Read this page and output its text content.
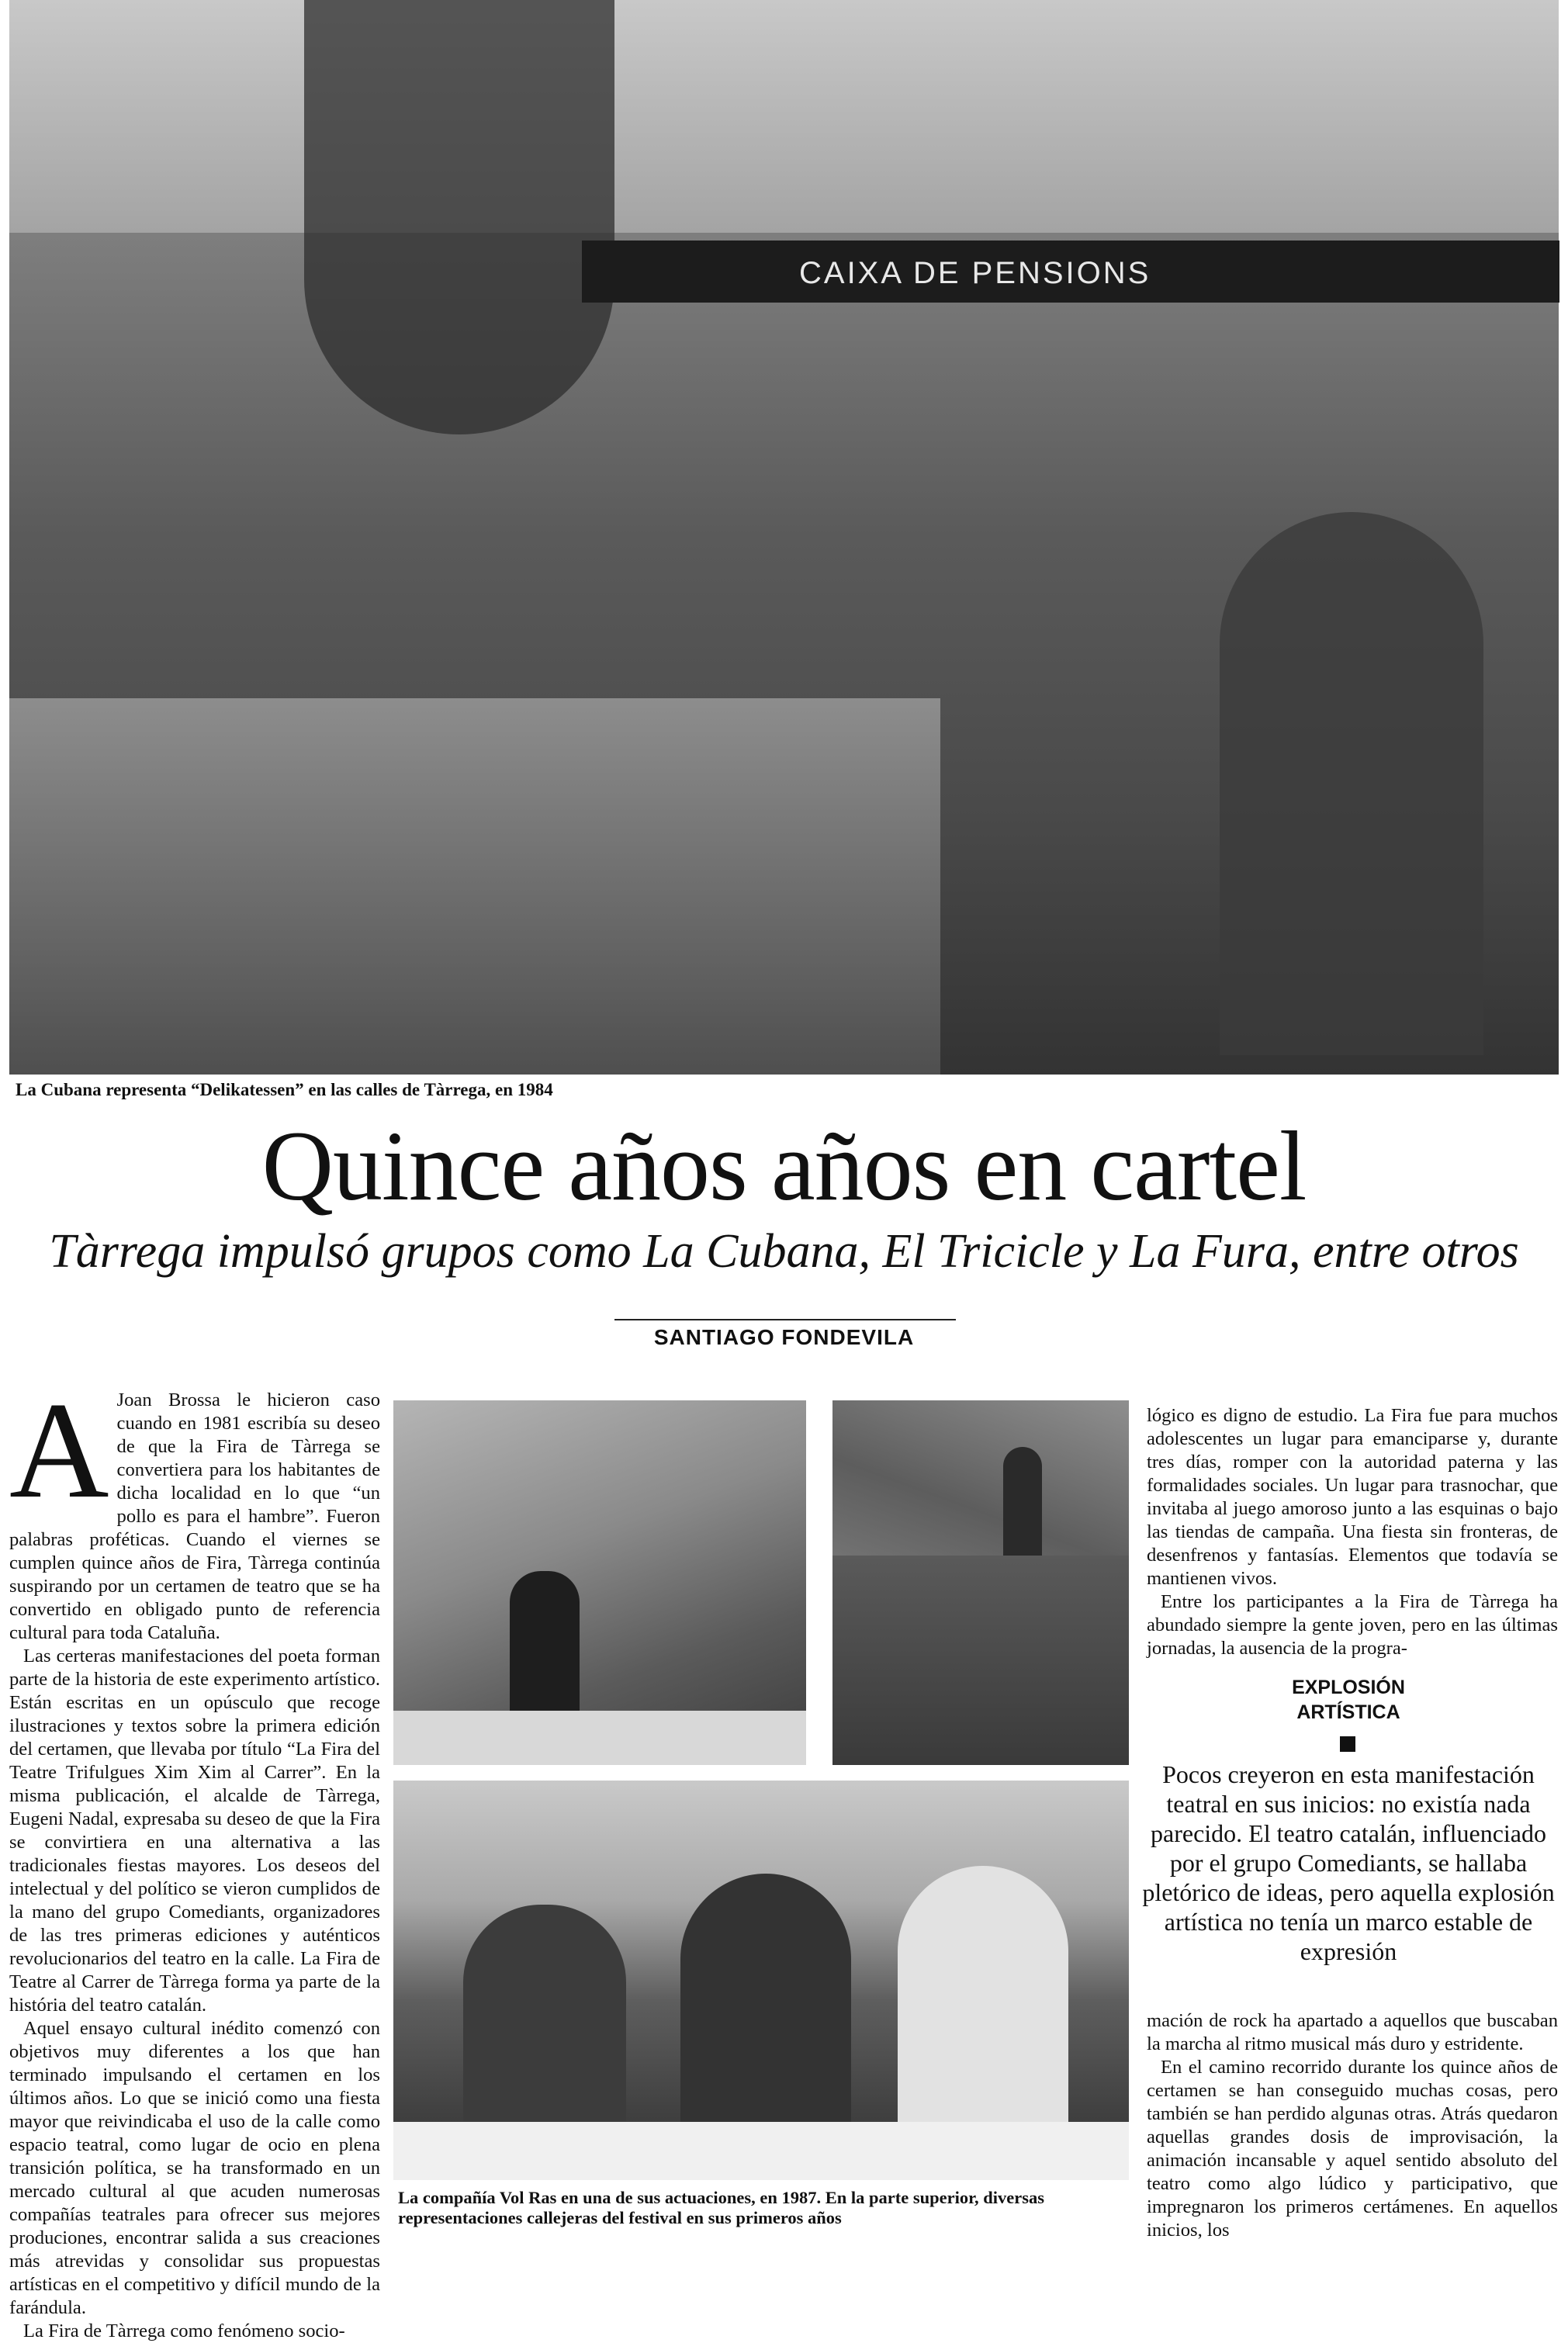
CAIXA DE PENSIONS
La Cubana representa “Delikatessen” en las calles de Tàrrega, en 1984
Quince años años en cartel
Tàrrega impulsó grupos como La Cubana, El Tricicle y La Fura, entre otros
SANTIAGO FONDEVILA

A Joan Brossa le hicieron caso cuando en 1981 escribía su deseo de que la Fira de Tàrrega se convertiera para los habitantes de dicha localidad en lo que “un pollo es para el hambre”. Fueron palabras proféticas. Cuando el viernes se cumplen quince años de Fira, Tàrrega continúa suspirando por un certamen de teatro que se ha convertido en obligado punto de referencia cultural para toda Cataluña.

Las certeras manifestaciones del poeta forman parte de la historia de este experimento artístico. Están escritas en un opúsculo que recoge ilustraciones y textos sobre la primera edición del certamen, que llevaba por título “La Fira del Teatre Trifulgues Xim Xim al Carrer”. En la misma publicación, el alcalde de Tàrrega, Eugeni Nadal, expresaba su deseo de que la Fira se convirtiera en una alternativa a las tradicionales fiestas mayores. Los deseos del intelectual y del político se vieron cumplidos de la mano del grupo Comediants, organizadores de las tres primeras ediciones y auténticos revolucionarios del teatro en la calle. La Fira de Teatre al Carrer de Tàrrega forma ya parte de la história del teatro catalán.

Aquel ensayo cultural inédito comenzó con objetivos muy diferentes a los que han terminado impulsando el certamen en los últimos años. Lo que se inició como una fiesta mayor que reivindicaba el uso de la calle como espacio teatral, como lugar de ocio en plena transición política, se ha transformado en un mercado cultural al que acuden numerosas compañías teatrales para ofrecer sus mejores produciones, encontrar salida a sus creaciones más atrevidas y consolidar sus propuestas artísticas en el competitivo y difícil mundo de la farándula.

La Fira de Tàrrega como fenómeno socio-

La compañía Vol Ras en una de sus actuaciones, en 1987. En la parte superior, diversas representaciones callejeras del festival en sus primeros años

lógico es digno de estudio. La Fira fue para muchos adolescentes un lugar para emanciparse y, durante tres días, romper con la autoridad paterna y las formalidades sociales. Un lugar para trasnochar, que invitaba al juego amoroso junto a las esquinas o bajo las tiendas de campaña. Una fiesta sin fronteras, de desenfrenos y fantasías. Elementos que todavía se mantienen vivos.

Entre los participantes a la Fira de Tàrrega ha abundado siempre la gente joven, pero en las últimas jornadas, la ausencia de la progra-

EXPLOSIÓN
ARTÍSTICA
Pocos creyeron en esta manifestación teatral en sus inicios: no existía nada parecido. El teatro catalán, influenciado por el grupo Comediants, se hallaba pletórico de ideas, pero aquella explosión artística no tenía un marco estable de expresión

mación de rock ha apartado a aquellos que buscaban la marcha al ritmo musical más duro y estridente.

En el camino recorrido durante los quince años de certamen se han conseguido muchas cosas, pero también se han perdido algunas otras. Atrás quedaron aquellas grandes dosis de improvisación, la animación incansable y aquel sentido absoluto del teatro como algo lúdico y participativo, que impregnaron los primeros certámenes. En aquellos inicios, los
